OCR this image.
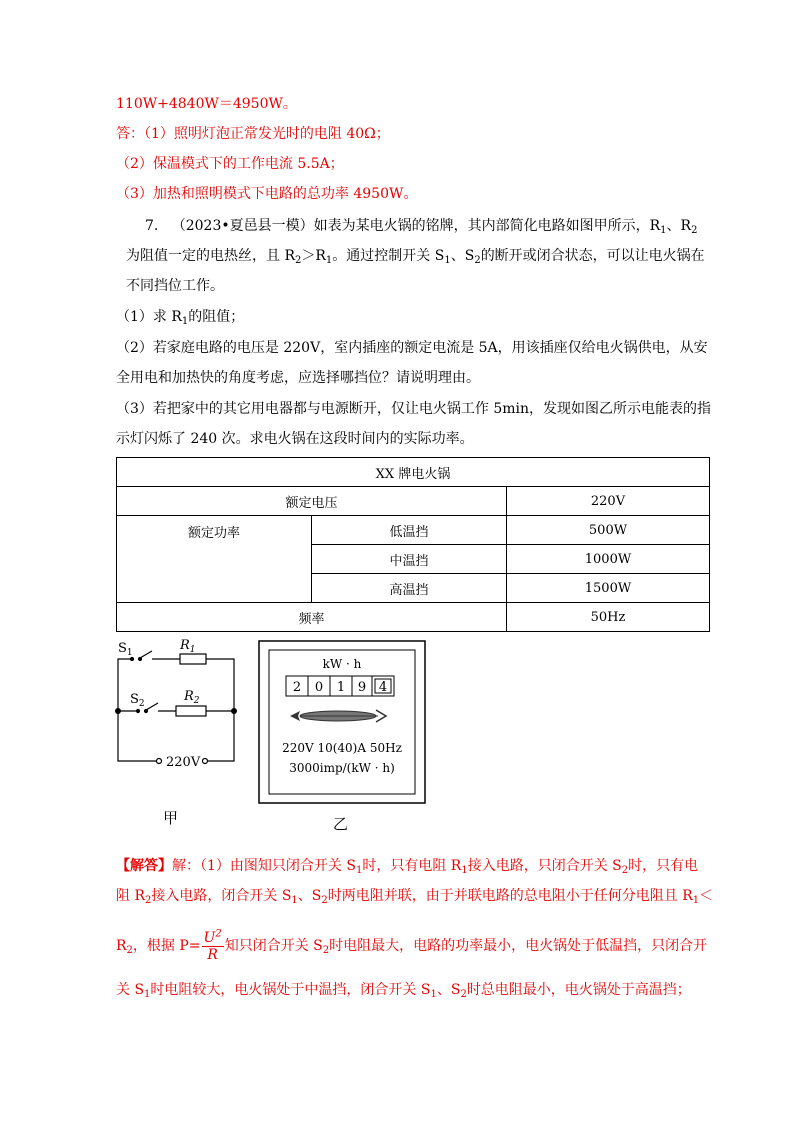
110W+4840W＝4950W。
答：（1）照明灯泡正常发光时的电阻 40Ω；
（2）保温模式下的工作电流 5.5A；
（3）加热和照明模式下电路的总功率 4950W。
7. （2023•夏邑县一模）如表为某电火锅的铭牌，其内部简化电路如图甲所示，$R_1$、$R_2$
为阻值一定的电热丝，且 $R_2>R_1$。通过控制开关 $S_1$、$S_2$的断开或闭合状态，可以让电火锅在
不同挡位工作。
（1）求 $R_1$的阻值；
（2）若家庭电路的电压是 220V，室内插座的额定电流是 5A，用该插座仅给电火锅供电，从安
全用电和加热快的角度考虑，应选择哪挡位？请说明理由。
（3）若把家中的其它用电器都与电源断开，仅让电火锅工作 5min，发现如图乙所示电能表的指
示灯闪烁了 240 次。求电火锅在这段时间内的实际功率。
XX 牌电火锅		
额定电压		220V
额定功率	低温挡	500W
	中温挡	1000W
	高温挡	1500W
频率		50Hz
$S_1$	$R_1$
$S_2$	$R_2$
220V
甲
kW · h
2 0 1 9 4
220V 10(40)A 50Hz
3000imp/(kW · h)
乙
【解答】解：（1）由图知只闭合开关 $S_1$时，只有电阻 $R_1$接入电路，只闭合开关 $S_2$时，只有电
阻 $R_2$接入电路，闭合开关 $S_1$、$S_2$时两电阻并联，由于并联电路的总电阻小于任何分电阻且 $R_1<$
$R_2$，根据 $P= \frac{U^2}{R}$ 知只闭合开关 $S_2$时电阻最大，电路的功率最小，电火锅处于低温挡，只闭合开
关 $S_1$时电阻较大，电火锅处于中温挡，闭合开关 $S_1$、$S_2$时总电阻最小，电火锅处于高温挡；
